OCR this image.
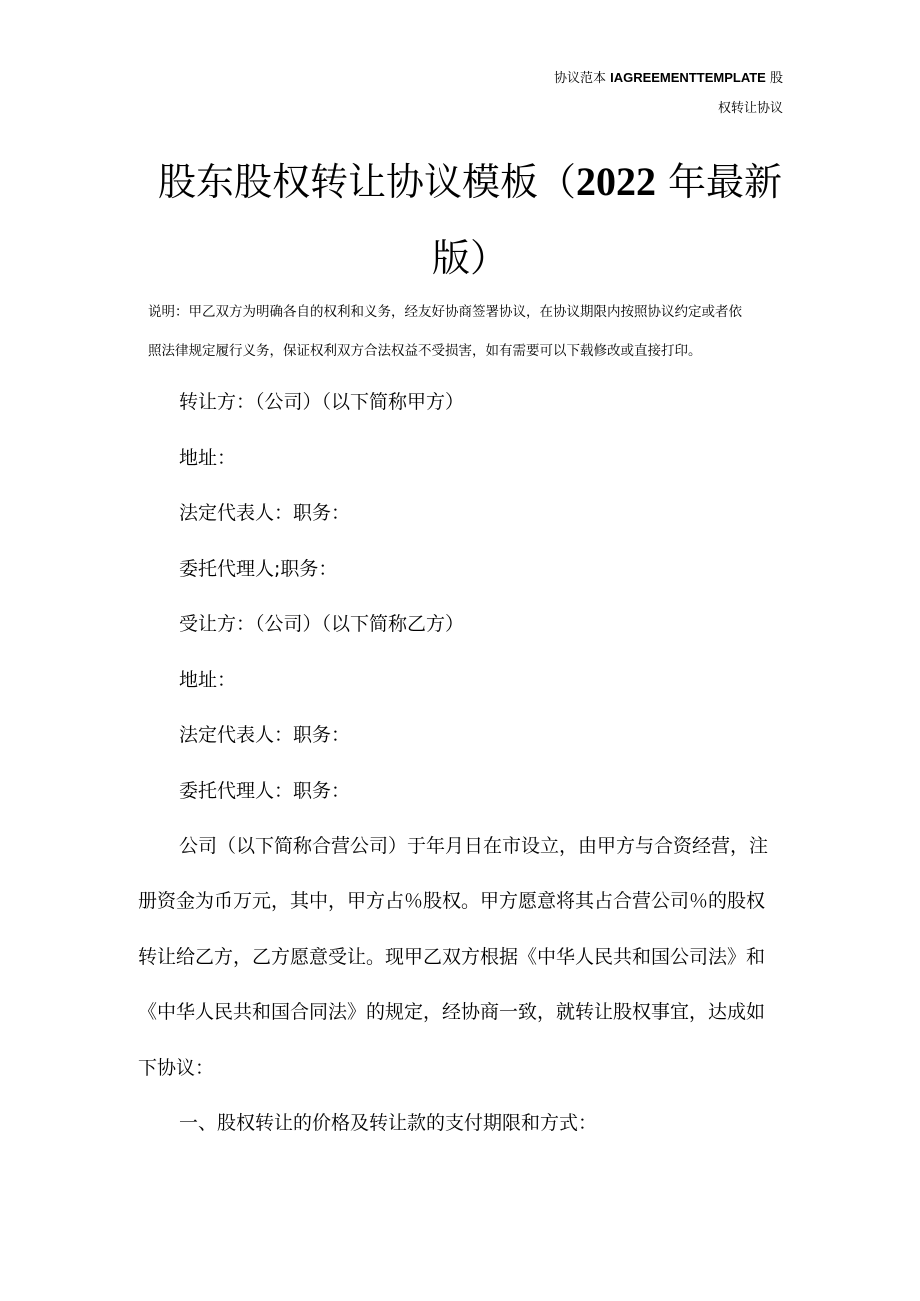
协议范本 IAGREEMENTTEMPLATE 股
权转让协议
股东股权转让协议模板（2022 年最新
版）
说明：甲乙双方为明确各自的权利和义务，经友好协商签署协议，在协议期限内按照协议约定或者依
照法律规定履行义务，保证权利双方合法权益不受损害，如有需要可以下载修改或直接打印。
转让方：（公司）（以下简称甲方）
地址：
法定代表人：职务：
委托代理人;职务：
受让方：（公司）（以下简称乙方）
地址：
法定代表人：职务：
委托代理人：职务：
公司（以下简称合营公司）于年月日在市设立，由甲方与合资经营，注
册资金为币万元，其中，甲方占％股权。甲方愿意将其占合营公司％的股权
转让给乙方，乙方愿意受让。现甲乙双方根据《中华人民共和国公司法》和
《中华人民共和国合同法》的规定，经协商一致，就转让股权事宜，达成如
下协议：
一、股权转让的价格及转让款的支付期限和方式：
